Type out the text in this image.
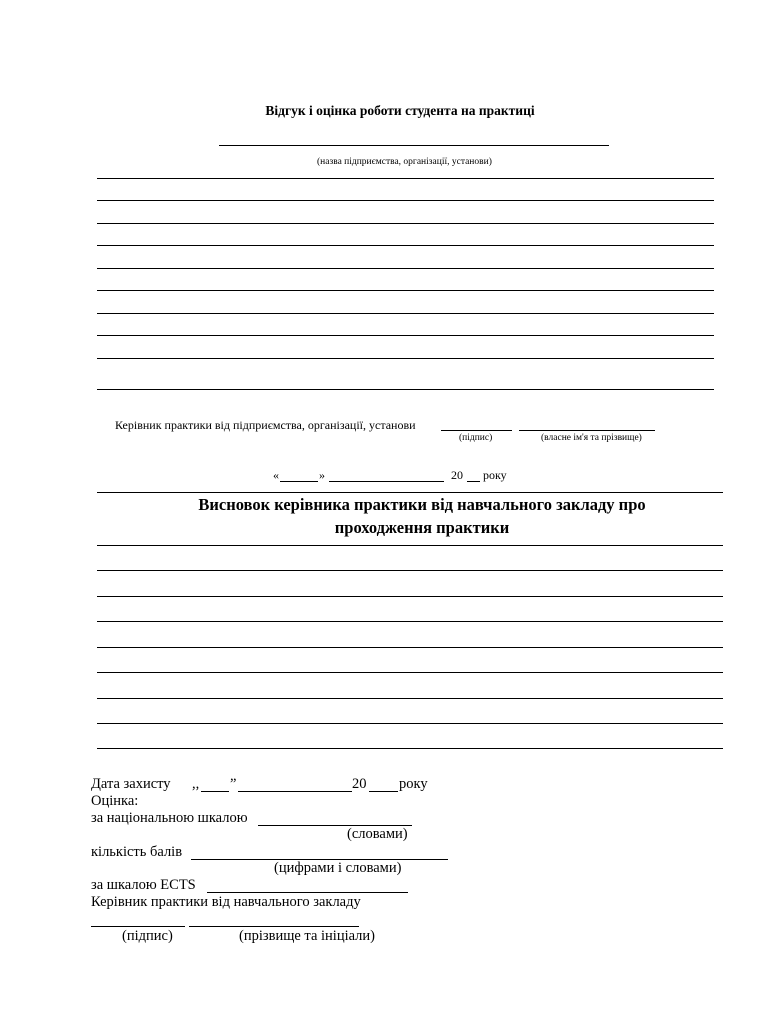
Відгук і оцінка роботи студента на практиці
(назва підприємства, організації, установи)
Керівник практики від підприємства, організації, установи
(підпис)	(власне ім'я та прізвище)
«	»	20 року
Висновок керівника практики від навчального закладу про
проходження практики
Дата захисту ,, ”	20 року
Оцінка:
за національною шкалою
(словами)
кількість балів
(цифрами і словами)
за шкалою ECTS
Керівник практики від навчального закладу
(підпис)	(прізвище та ініціали)
